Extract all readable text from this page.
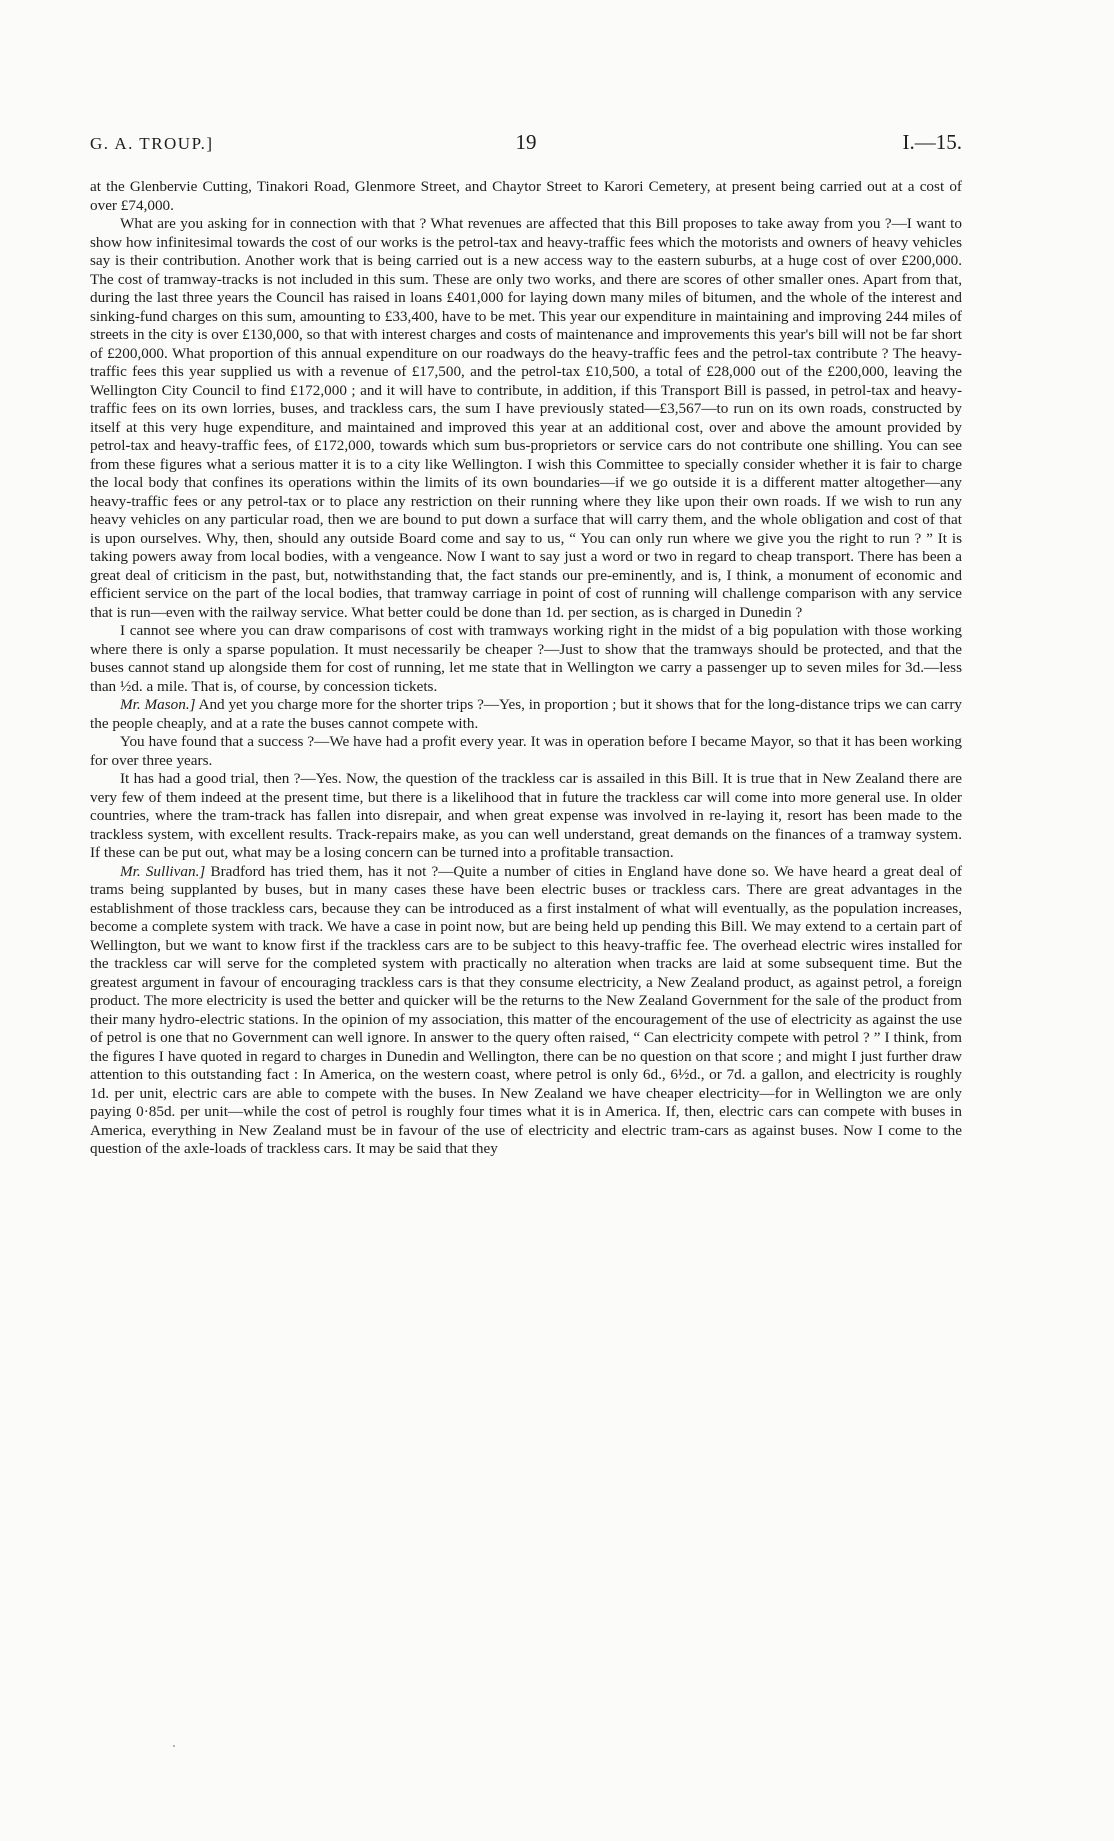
G. A. TROUP.]	19	I.—15.

at the Glenbervie Cutting, Tinakori Road, Glenmore Street, and Chaytor Street to Karori Cemetery, at present being carried out at a cost of over £74,000.

What are you asking for in connection with that ? What revenues are affected that this Bill proposes to take away from you ?—I want to show how infinitesimal towards the cost of our works is the petrol-tax and heavy-traffic fees which the motorists and owners of heavy vehicles say is their contribution. Another work that is being carried out is a new access way to the eastern suburbs, at a huge cost of over £200,000. The cost of tramway-tracks is not included in this sum. These are only two works, and there are scores of other smaller ones. Apart from that, during the last three years the Council has raised in loans £401,000 for laying down many miles of bitumen, and the whole of the interest and sinking-fund charges on this sum, amounting to £33,400, have to be met. This year our expenditure in maintaining and improving 244 miles of streets in the city is over £130,000, so that with interest charges and costs of maintenance and improvements this year's bill will not be far short of £200,000. What proportion of this annual expenditure on our roadways do the heavy-traffic fees and the petrol-tax contribute ? The heavy-traffic fees this year supplied us with a revenue of £17,500, and the petrol-tax £10,500, a total of £28,000 out of the £200,000, leaving the Wellington City Council to find £172,000 ; and it will have to contribute, in addition, if this Transport Bill is passed, in petrol-tax and heavy-traffic fees on its own lorries, buses, and trackless cars, the sum I have previously stated—£3,567—to run on its own roads, constructed by itself at this very huge expenditure, and maintained and improved this year at an additional cost, over and above the amount provided by petrol-tax and heavy-traffic fees, of £172,000, towards which sum bus-proprietors or service cars do not contribute one shilling. You can see from these figures what a serious matter it is to a city like Wellington. I wish this Committee to specially consider whether it is fair to charge the local body that confines its operations within the limits of its own boundaries—if we go outside it is a different matter altogether—any heavy-traffic fees or any petrol-tax or to place any restriction on their running where they like upon their own roads. If we wish to run any heavy vehicles on any particular road, then we are bound to put down a surface that will carry them, and the whole obligation and cost of that is upon ourselves. Why, then, should any outside Board come and say to us, “ You can only run where we give you the right to run ? ” It is taking powers away from local bodies, with a vengeance. Now I want to say just a word or two in regard to cheap transport. There has been a great deal of criticism in the past, but, notwithstanding that, the fact stands our pre-eminently, and is, I think, a monument of economic and efficient service on the part of the local bodies, that tramway carriage in point of cost of running will challenge comparison with any service that is run—even with the railway service. What better could be done than 1d. per section, as is charged in Dunedin ?

I cannot see where you can draw comparisons of cost with tramways working right in the midst of a big population with those working where there is only a sparse population. It must necessarily be cheaper ?—Just to show that the tramways should be protected, and that the buses cannot stand up alongside them for cost of running, let me state that in Wellington we carry a passenger up to seven miles for 3d.—less than ½d. a mile. That is, of course, by concession tickets.

Mr. Mason.] And yet you charge more for the shorter trips ?—Yes, in proportion ; but it shows that for the long-distance trips we can carry the people cheaply, and at a rate the buses cannot compete with.

You have found that a success ?—We have had a profit every year. It was in operation before I became Mayor, so that it has been working for over three years.

It has had a good trial, then ?—Yes. Now, the question of the trackless car is assailed in this Bill. It is true that in New Zealand there are very few of them indeed at the present time, but there is a likelihood that in future the trackless car will come into more general use. In older countries, where the tram-track has fallen into disrepair, and when great expense was involved in re-laying it, resort has been made to the trackless system, with excellent results. Track-repairs make, as you can well understand, great demands on the finances of a tramway system. If these can be put out, what may be a losing concern can be turned into a profitable transaction.

Mr. Sullivan.] Bradford has tried them, has it not ?—Quite a number of cities in England have done so. We have heard a great deal of trams being supplanted by buses, but in many cases these have been electric buses or trackless cars. There are great advantages in the establishment of those trackless cars, because they can be introduced as a first instalment of what will eventually, as the population increases, become a complete system with track. We have a case in point now, but are being held up pending this Bill. We may extend to a certain part of Wellington, but we want to know first if the trackless cars are to be subject to this heavy-traffic fee. The overhead electric wires installed for the trackless car will serve for the completed system with practically no alteration when tracks are laid at some subsequent time. But the greatest argument in favour of encouraging trackless cars is that they consume electricity, a New Zealand product, as against petrol, a foreign product. The more electricity is used the better and quicker will be the returns to the New Zealand Government for the sale of the product from their many hydro-electric stations. In the opinion of my association, this matter of the encouragement of the use of electricity as against the use of petrol is one that no Government can well ignore. In answer to the query often raised, “ Can electricity compete with petrol ? ” I think, from the figures I have quoted in regard to charges in Dunedin and Wellington, there can be no question on that score ; and might I just further draw attention to this outstanding fact : In America, on the western coast, where petrol is only 6d., 6½d., or 7d. a gallon, and electricity is roughly 1d. per unit, electric cars are able to compete with the buses. In New Zealand we have cheaper electricity—for in Wellington we are only paying 0·85d. per unit—while the cost of petrol is roughly four times what it is in America. If, then, electric cars can compete with buses in America, everything in New Zealand must be in favour of the use of electricity and electric tram-cars as against buses. Now I come to the question of the axle-loads of trackless cars. It may be said that they
